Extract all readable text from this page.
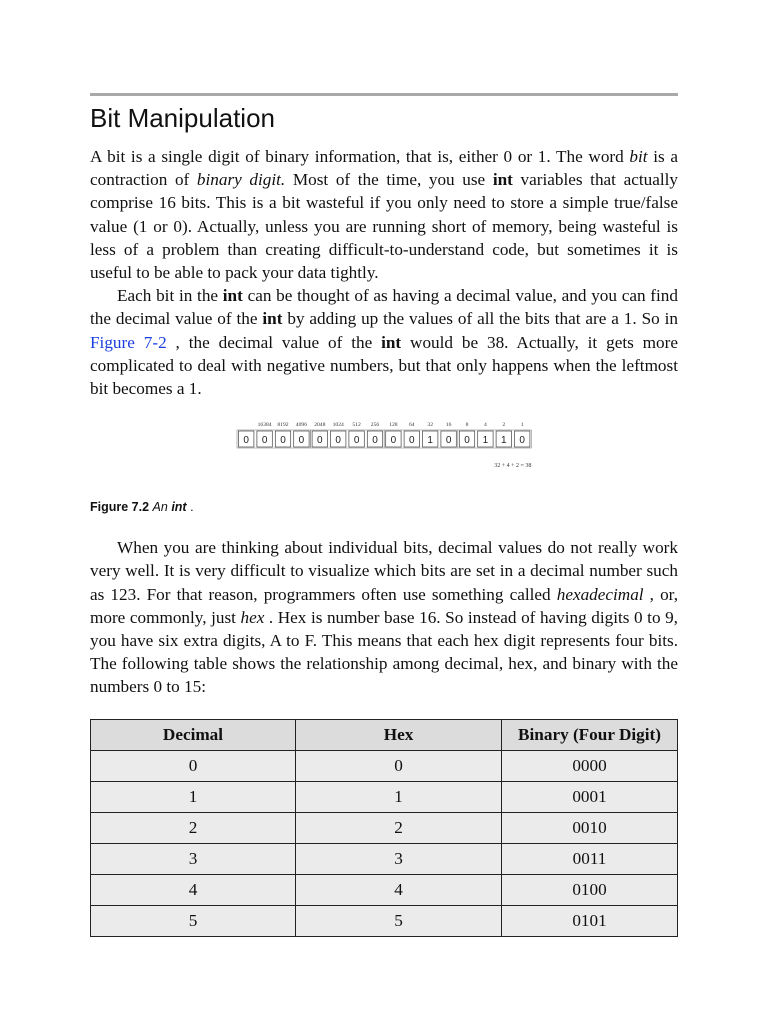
Bit Manipulation

A bit is a single digit of binary information, that is, either 0 or 1. The word bit is a contraction of binary digit. Most of the time, you use int variables that actually comprise 16 bits. This is a bit wasteful if you only need to store a simple true/false value (1 or 0). Actually, unless you are running short of memory, being wasteful is less of a problem than creating difficult-to-understand code, but sometimes it is useful to be able to pack your data tightly.

Each bit in the int can be thought of as having a decimal value, and you can find the decimal value of the int by adding up the values of all the bits that are a 1. So in Figure 7-2 , the decimal value of the int would be 38. Actually, it gets more complicated to deal with negative numbers, but that only happens when the leftmost bit becomes a 1.

16384 8192 4096 2048 1024 512 256 128 64 32 16	8	4	2	1
0 0 0 0 0 0 0 0 0 0 1 0 0 1 1 0
32 + 4 + 2 = 38
Figure 7.2 An int .

When you are thinking about individual bits, decimal values do not really work very well. It is very difficult to visualize which bits are set in a decimal number such as 123. For that reason, programmers often use something called hexadecimal , or, more commonly, just hex . Hex is number base 16. So instead of having digits 0 to 9, you have six extra digits, A to F. This means that each hex digit represents four bits. The following table shows the relationship among decimal, hex, and binary with the numbers 0 to 15:

Decimal	Hex	Binary (Four Digit)
0	0	0000
1	1	0001
2	2	0010
3	3	0011
4	4	0100
5	5	0101
